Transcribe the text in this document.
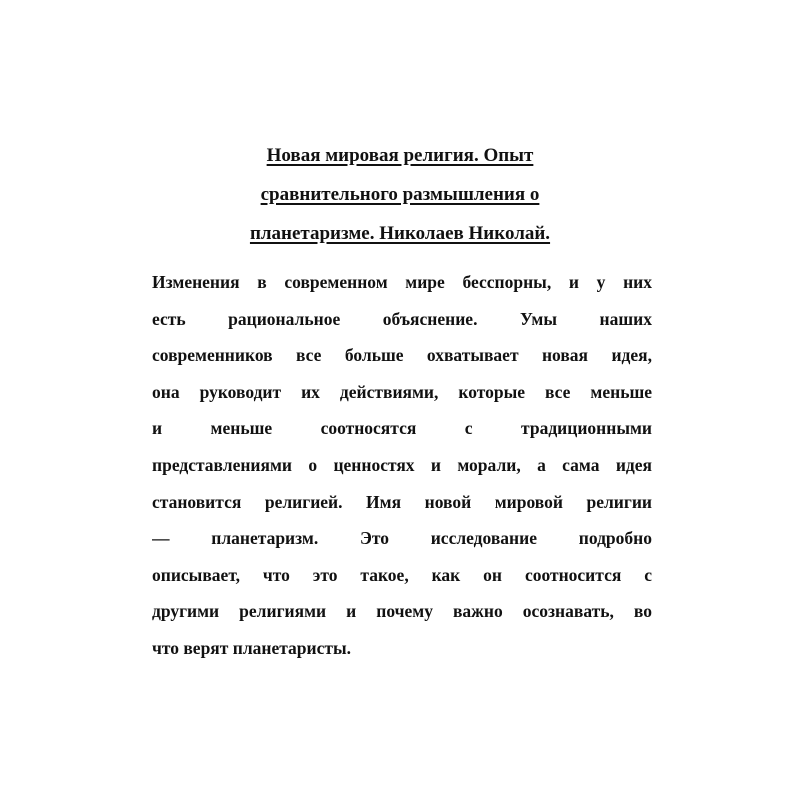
Новая мировая религия. Опыт
сравнительного размышления о
планетаризме. Николаев Николай.
Изменения в современном мире бесспорны, и у них
есть рациональное объяснение. Умы наших
современников все больше охватывает новая идея,
она руководит их действиями, которые все меньше
и меньше соотносятся с традиционными
представлениями о ценностях и морали, а сама идея
становится религией. Имя новой мировой религии
— планетаризм. Это исследование подробно
описывает, что это такое, как он соотносится с
другими религиями и почему важно осознавать, во
что верят планетаристы.
